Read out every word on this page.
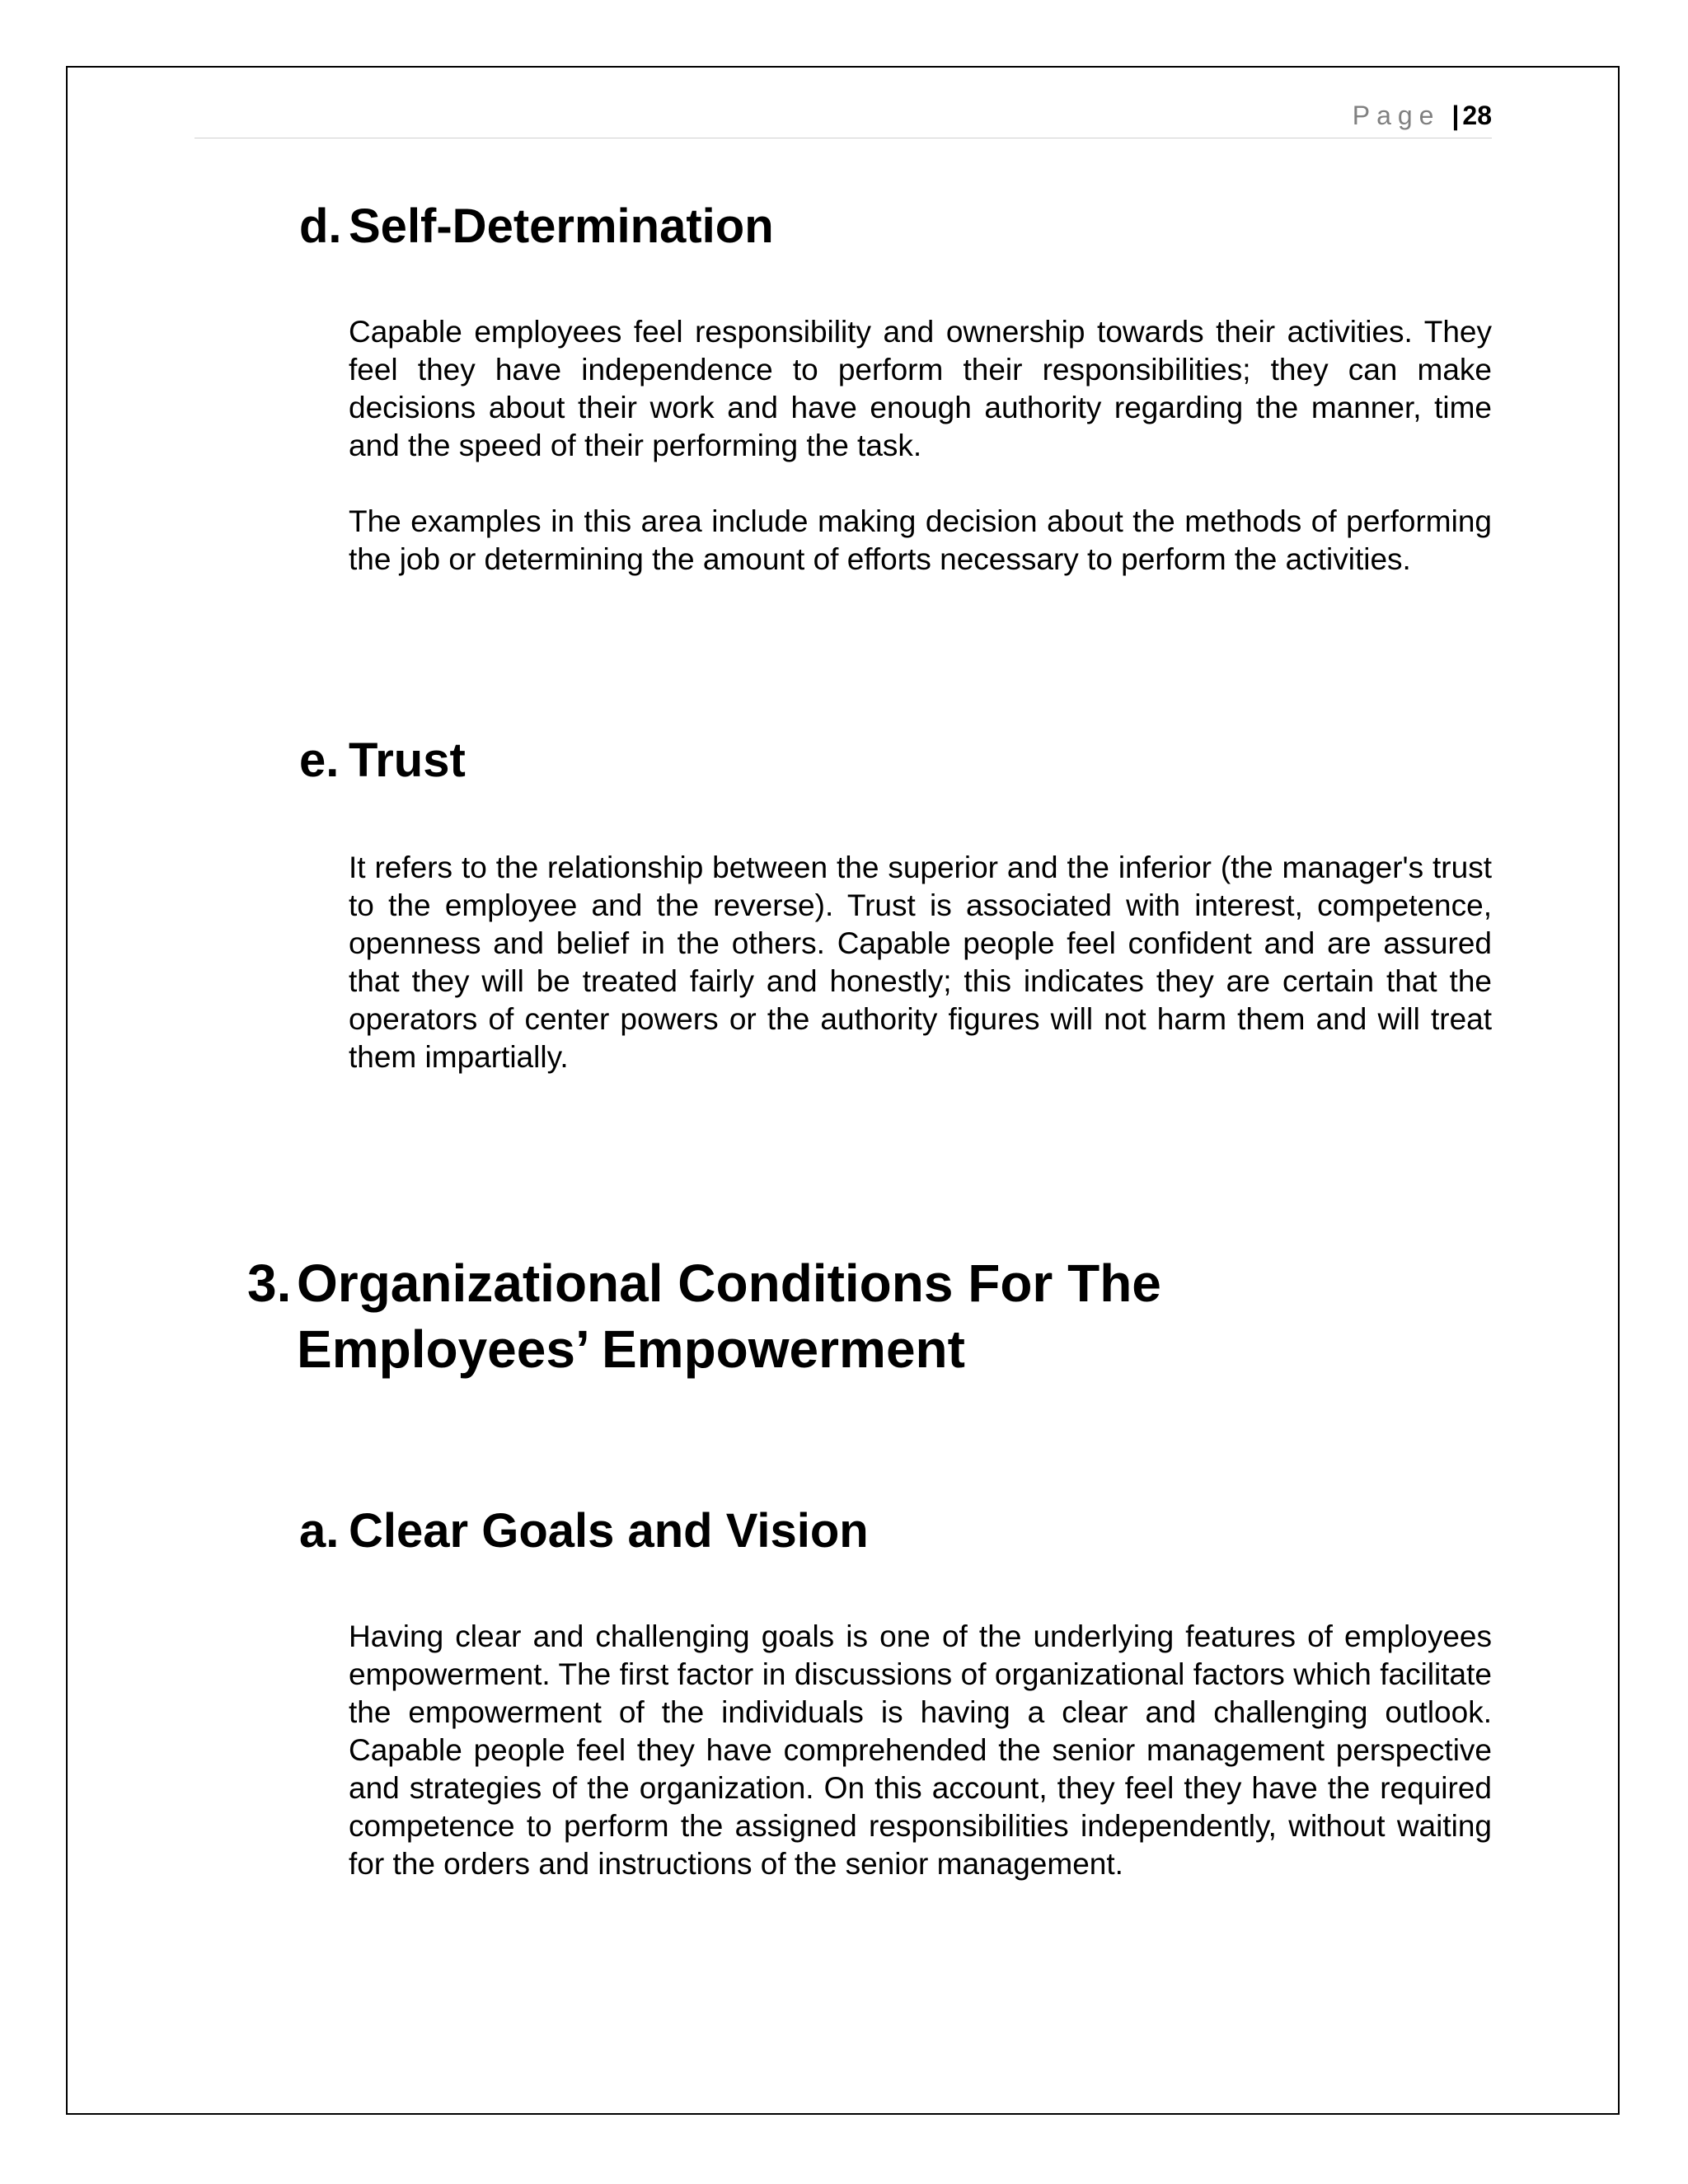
Page | 28
d. Self-Determination

Capable employees feel responsibility and ownership towards their activities. They feel they have independence to perform their responsibilities; they can make decisions about their work and have enough authority regarding the manner, time and the speed of their performing the task.

The examples in this area include making decision about the methods of performing the job or determining the amount of efforts necessary to perform the activities.

e. Trust

It refers to the relationship between the superior and the inferior (the manager's trust to the employee and the reverse). Trust is associated with interest, competence, openness and belief in the others. Capable people feel confident and are assured that they will be treated fairly and honestly; this indicates they are certain that the operators of center powers or the authority figures will not harm them and will treat them impartially.

3. Organizational Conditions For The
Employees’ Empowerment
a. Clear Goals and Vision

Having clear and challenging goals is one of the underlying features of employees empowerment. The first factor in discussions of organizational factors which facilitate the empowerment of the individuals is having a clear and challenging outlook. Capable people feel they have comprehended the senior management perspective and strategies of the organization. On this account, they feel they have the required competence to perform the assigned responsibilities independently, without waiting for the orders and instructions of the senior management.
